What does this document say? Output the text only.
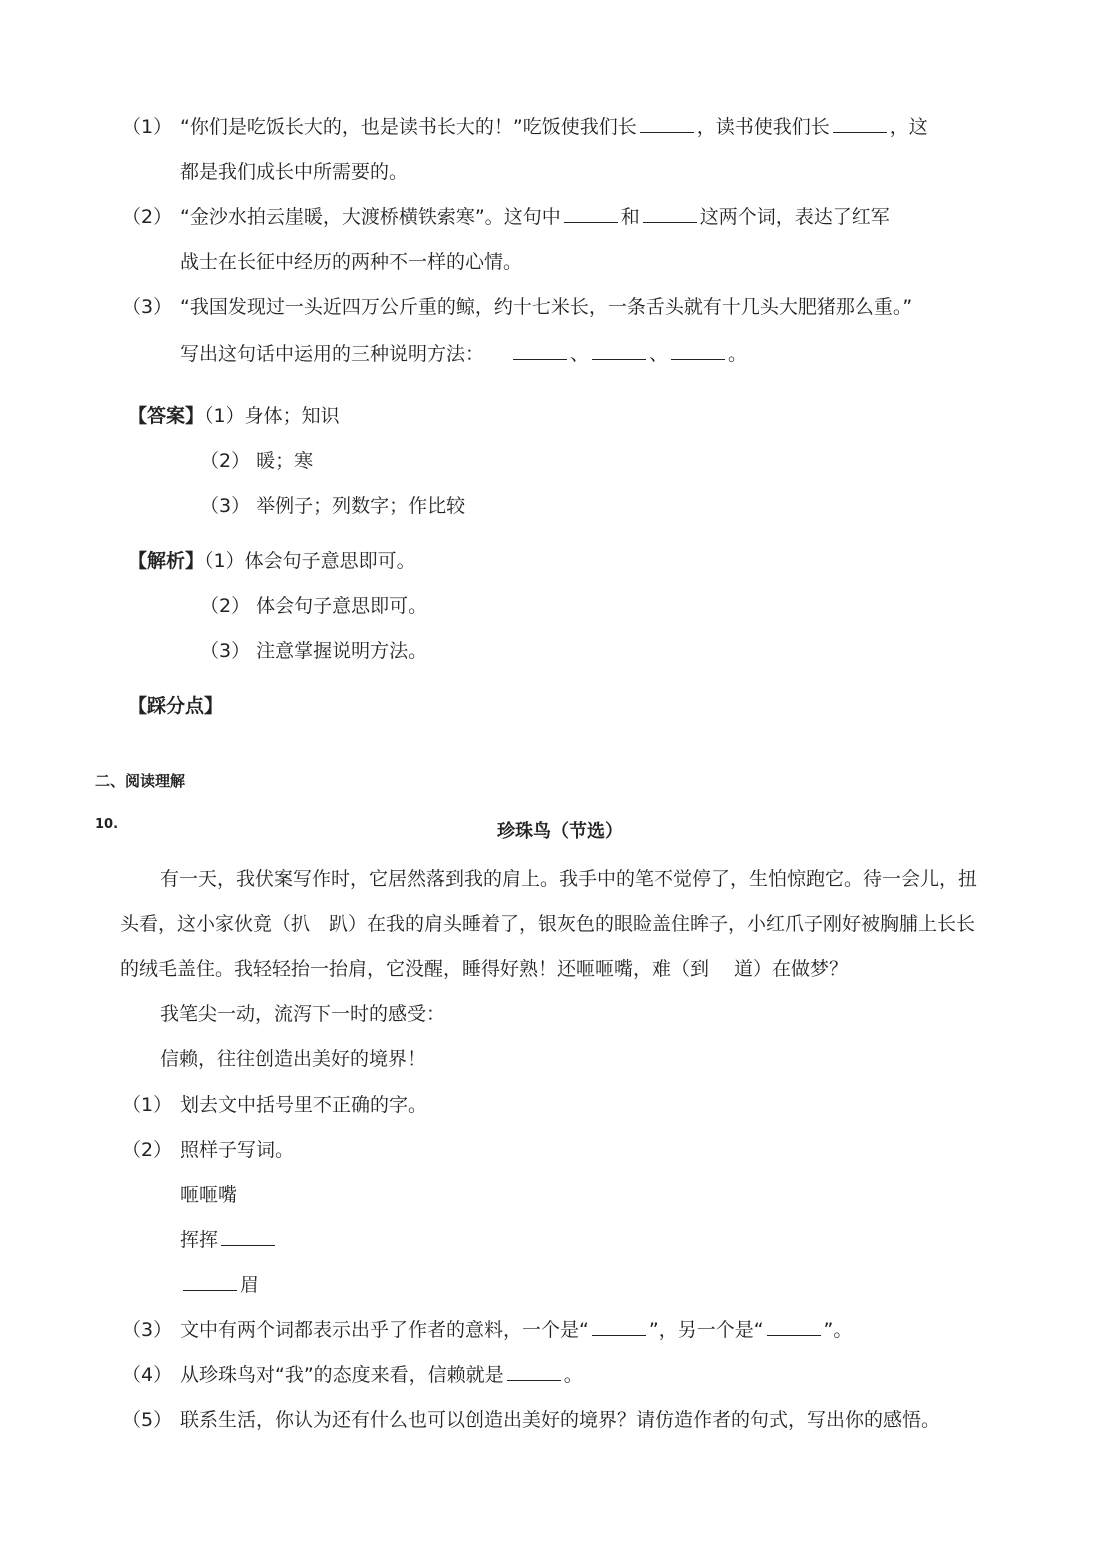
（1） “你们是吃饭长大的，也是读书长大的！”吃饭使我们长	，读书使我们长	，这
都是我们成长中所需要的。
（2） “金沙水拍云崖暖，大渡桥横铁索寒”。这句中	和	这两个词，表达了红军
战士在长征中经历的两种不一样的心情。
（3） “我国发现过一头近四万公斤重的鲸，约十七米长，一条舌头就有十几头大肥猪那么重。”
写出这句话中运用的三种说明方法：	、	、	。
【答案】（1）身体；知识
（2） 暖；寒
（3） 举例子；列数字；作比较
【解析】（1）体会句子意思即可。
（2） 体会句子意思即可。
（3） 注意掌握说明方法。
【踩分点】
二、阅读理解
10.	珍珠鸟（节选）
有一天，我伏案写作时，它居然落到我的肩上。我手中的笔不觉停了，生怕惊跑它。待一会儿，扭
头看，这小家伙竟（扒　趴）在我的肩头睡着了，银灰色的眼睑盖住眸子，小红爪子刚好被胸脯上长长
的绒毛盖住。我轻轻抬一抬肩，它没醒，睡得好熟！还咂咂嘴，难（到　 道）在做梦？
我笔尖一动，流泻下一时的感受：
信赖，往往创造出美好的境界！
（1） 划去文中括号里不正确的字。
（2） 照样子写词。
咂咂嘴
挥挥
眉
（3） 文中有两个词都表示出乎了作者的意料，一个是“	”，另一个是“	”。
（4） 从珍珠鸟对“我”的态度来看，信赖就是	。
（5） 联系生活，你认为还有什么也可以创造出美好的境界？请仿造作者的句式，写出你的感悟。
